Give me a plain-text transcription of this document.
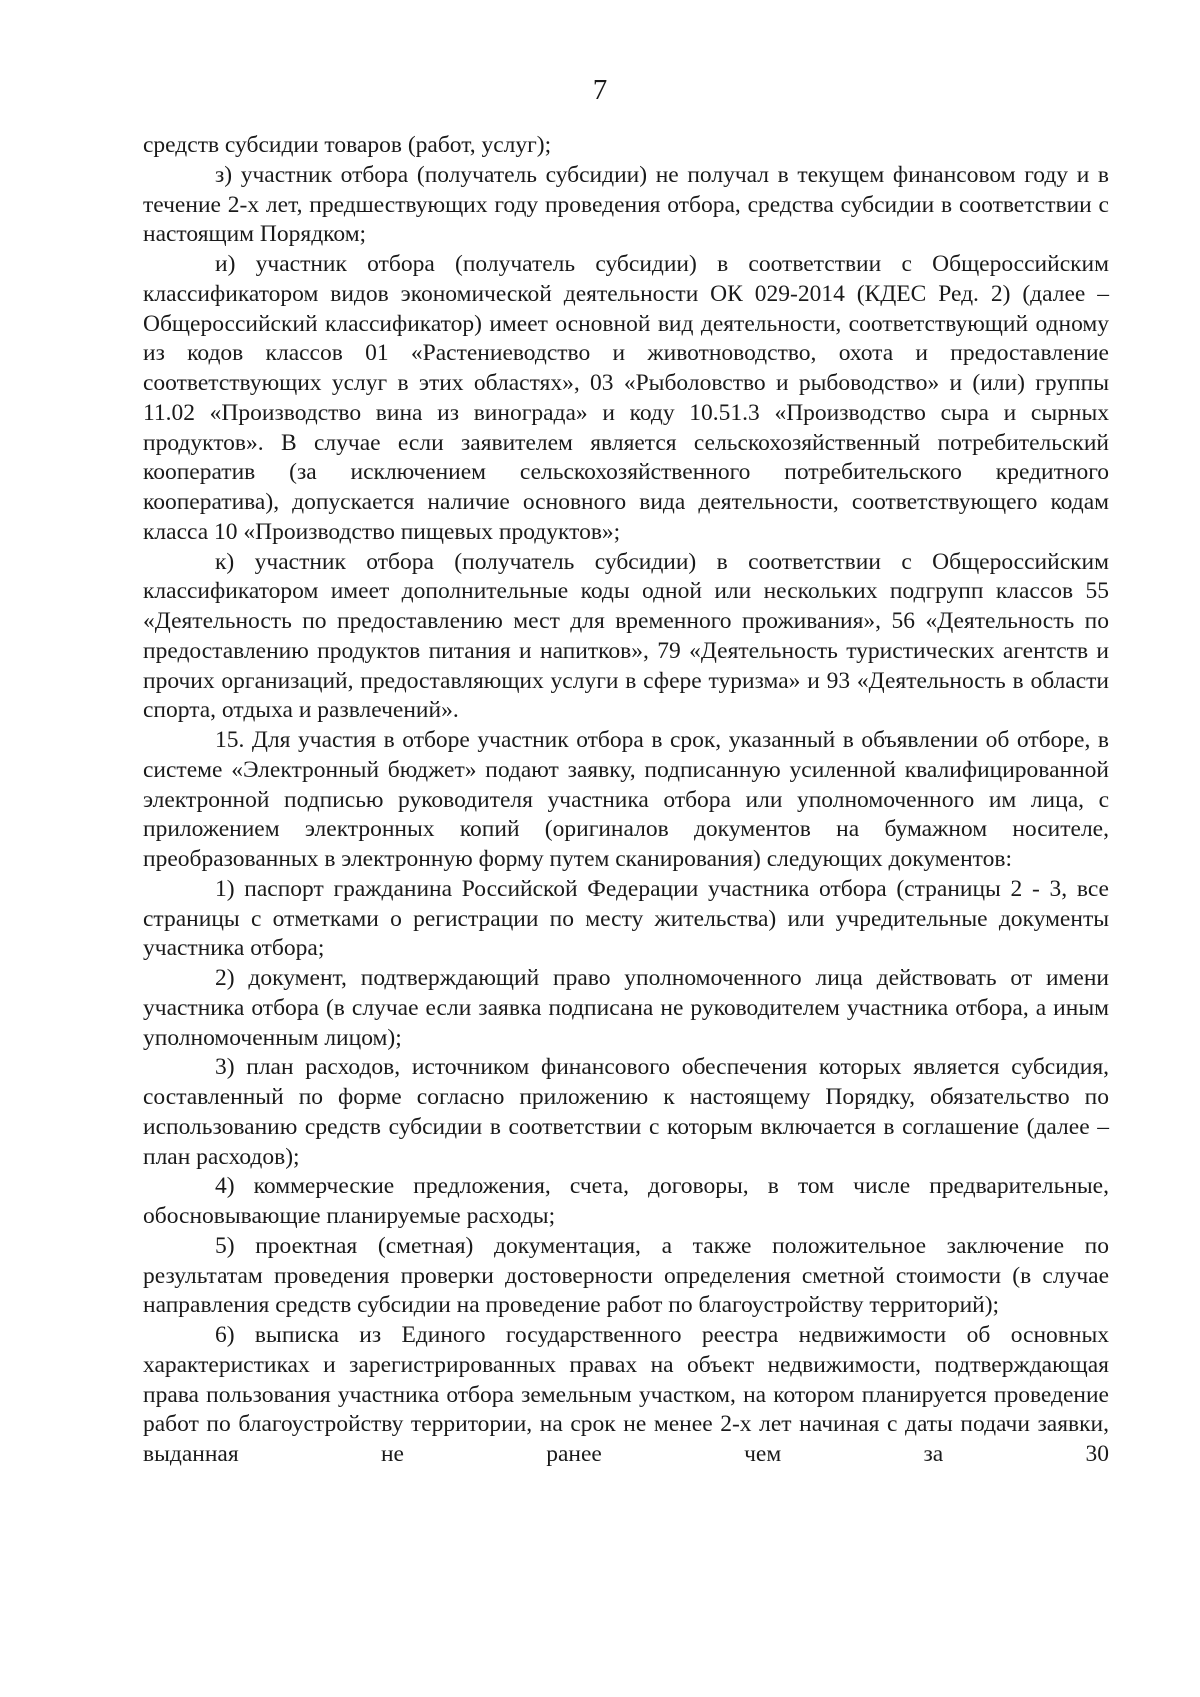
7

средств субсидии товаров (работ, услуг);

з) участник отбора (получатель субсидии) не получал в текущем финансовом году и в течение 2-х лет, предшествующих году проведения отбора, средства субсидии в соответствии с настоящим Порядком;

и) участник отбора (получатель субсидии) в соответствии с Общероссийским классификатором видов экономической деятельности ОК 029-2014 (КДЕС Ред. 2) (далее – Общероссийский классификатор) имеет основной вид деятельности, соответствующий одному из кодов классов 01 «Растениеводство и животноводство, охота и предоставление соответствующих услуг в этих областях», 03 «Рыболовство и рыбоводство» и (или) группы 11.02 «Производство вина из винограда» и коду 10.51.3 «Производство сыра и сырных продуктов». В случае если заявителем является сельскохозяйственный потребительский кооператив (за исключением сельскохозяйственного потребительского кредитного кооператива), допускается наличие основного вида деятельности, соответствующего кодам класса 10 «Производство пищевых продуктов»;

к) участник отбора (получатель субсидии) в соответствии с Общероссийским классификатором имеет дополнительные коды одной или нескольких подгрупп классов 55 «Деятельность по предоставлению мест для временного проживания», 56 «Деятельность по предоставлению продуктов питания и напитков», 79 «Деятельность туристических агентств и прочих организаций, предоставляющих услуги в сфере туризма» и 93 «Деятельность в области спорта, отдыха и развлечений».

15. Для участия в отборе участник отбора в срок, указанный в объявлении об отборе, в системе «Электронный бюджет» подают заявку, подписанную усиленной квалифицированной электронной подписью руководителя участника отбора или уполномоченного им лица, с приложением электронных копий (оригиналов документов на бумажном носителе, преобразованных в электронную форму путем сканирования) следующих документов:

1) паспорт гражданина Российской Федерации участника отбора (страницы 2 - 3, все страницы с отметками о регистрации по месту жительства) или учредительные документы участника отбора;

2) документ, подтверждающий право уполномоченного лица действовать от имени участника отбора (в случае если заявка подписана не руководителем участника отбора, а иным уполномоченным лицом);

3) план расходов, источником финансового обеспечения которых является субсидия, составленный по форме согласно приложению к настоящему Порядку, обязательство по использованию средств субсидии в соответствии с которым включается в соглашение (далее – план расходов);

4) коммерческие предложения, счета, договоры, в том числе предварительные, обосновывающие планируемые расходы;

5) проектная (сметная) документация, а также положительное заключение по результатам проведения проверки достоверности определения сметной стоимости (в случае направления средств субсидии на проведение работ по благоустройству территорий);

6) выписка из Единого государственного реестра недвижимости об основных характеристиках и зарегистрированных правах на объект недвижимости, подтверждающая права пользования участника отбора земельным участком, на котором планируется проведение работ по благоустройству территории, на срок не менее 2-х лет начиная с даты подачи заявки, выданная не ранее чем за 30
